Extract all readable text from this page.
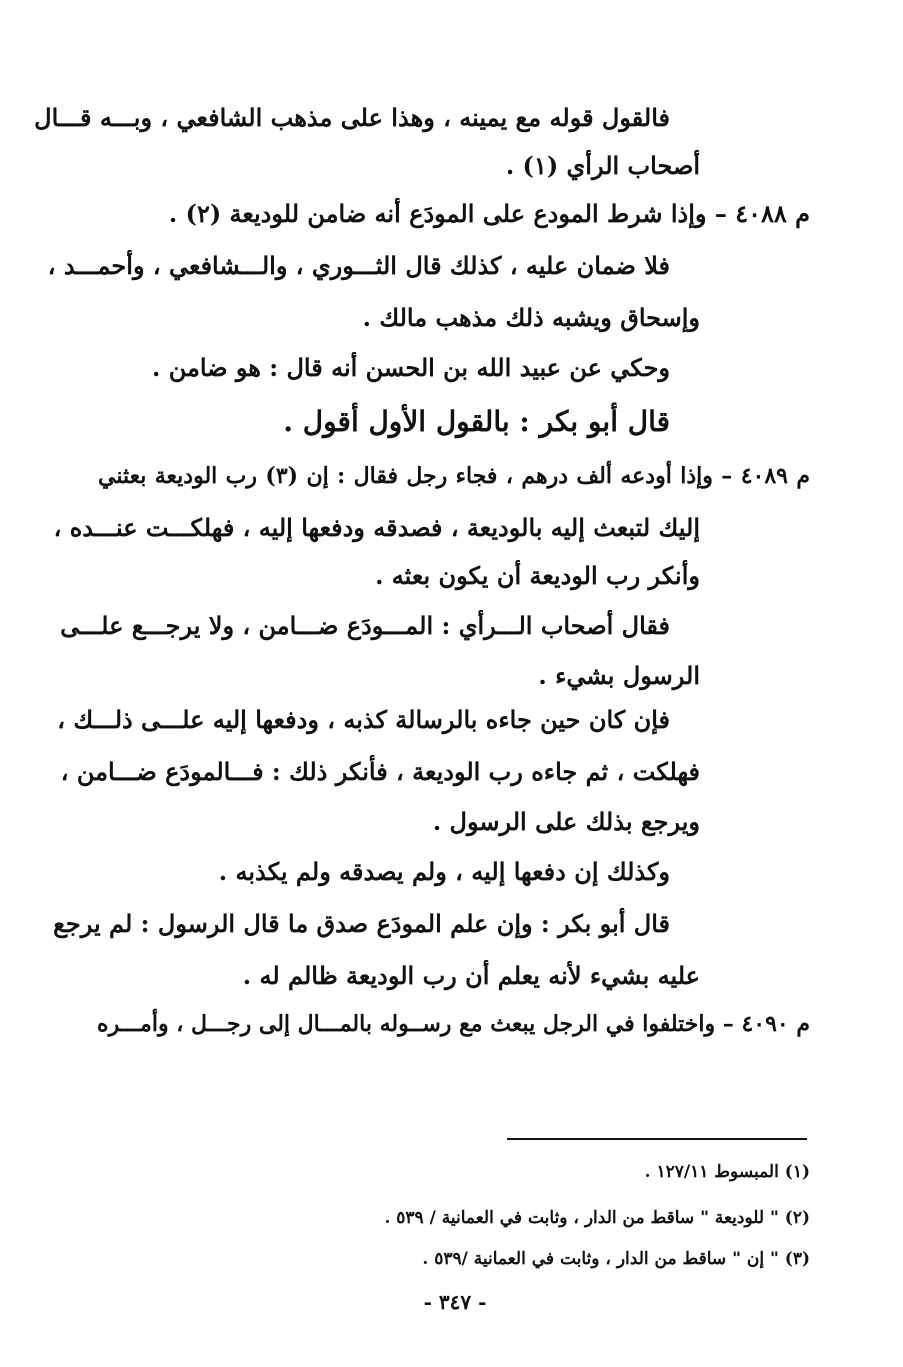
فالقول قوله مع يمينه ، وهذا على مذهب الشافعي ، وبـــه قـــال
أصحاب الرأي (١) .
م ٤٠٨٨ – وإذا شرط المودع على المودَع أنه ضامن للوديعة (٢) .
فلا ضمان عليه ، كذلك قال الثـــوري ، والـــشافعي ، وأحمـــد ،
وإسحاق ويشبه ذلك مذهب مالك .
وحكي عن عبيد الله بن الحسن أنه قال : هو ضامن .
قال أبو بكر : بالقول الأول أقول .
م ٤٠٨٩ – وإذا أودعه ألف درهم ، فجاء رجل فقال : إن (٣) رب الوديعة بعثني
إليك لتبعث إليه بالوديعة ، فصدقه ودفعها إليه ، فهلكـــت عنـــده ،
وأنكر رب الوديعة أن يكون بعثه .
فقال أصحاب الـــرأي : المـــودَع ضـــامن ، ولا يرجـــع علـــى
الرسول بشيء .
فإن كان حين جاءه بالرسالة كذبه ، ودفعها إليه علـــى ذلـــك ،
فهلكت ، ثم جاءه رب الوديعة ، فأنكر ذلك : فـــالمودَع ضـــامن ،
ويرجع بذلك على الرسول .
وكذلك إن دفعها إليه ، ولم يصدقه ولم يكذبه .
قال أبو بكر : وإن علم المودَع صدق ما قال الرسول : لم يرجع
عليه بشيء لأنه يعلم أن رب الوديعة ظالم له .
م ٤٠٩٠ – واختلفوا في الرجل يبعث مع رســوله بالمـــال إلى رجـــل ، وأمـــره
(١) المبسوط ١٢٧/١١ .
(٢) " للوديعة " ساقط من الدار ، وثابت في العمانية / ٥٣٩ .
(٣) " إن " ساقط من الدار ، وثابت في العمانية /٥٣٩ .
- ٣٤٧ -
